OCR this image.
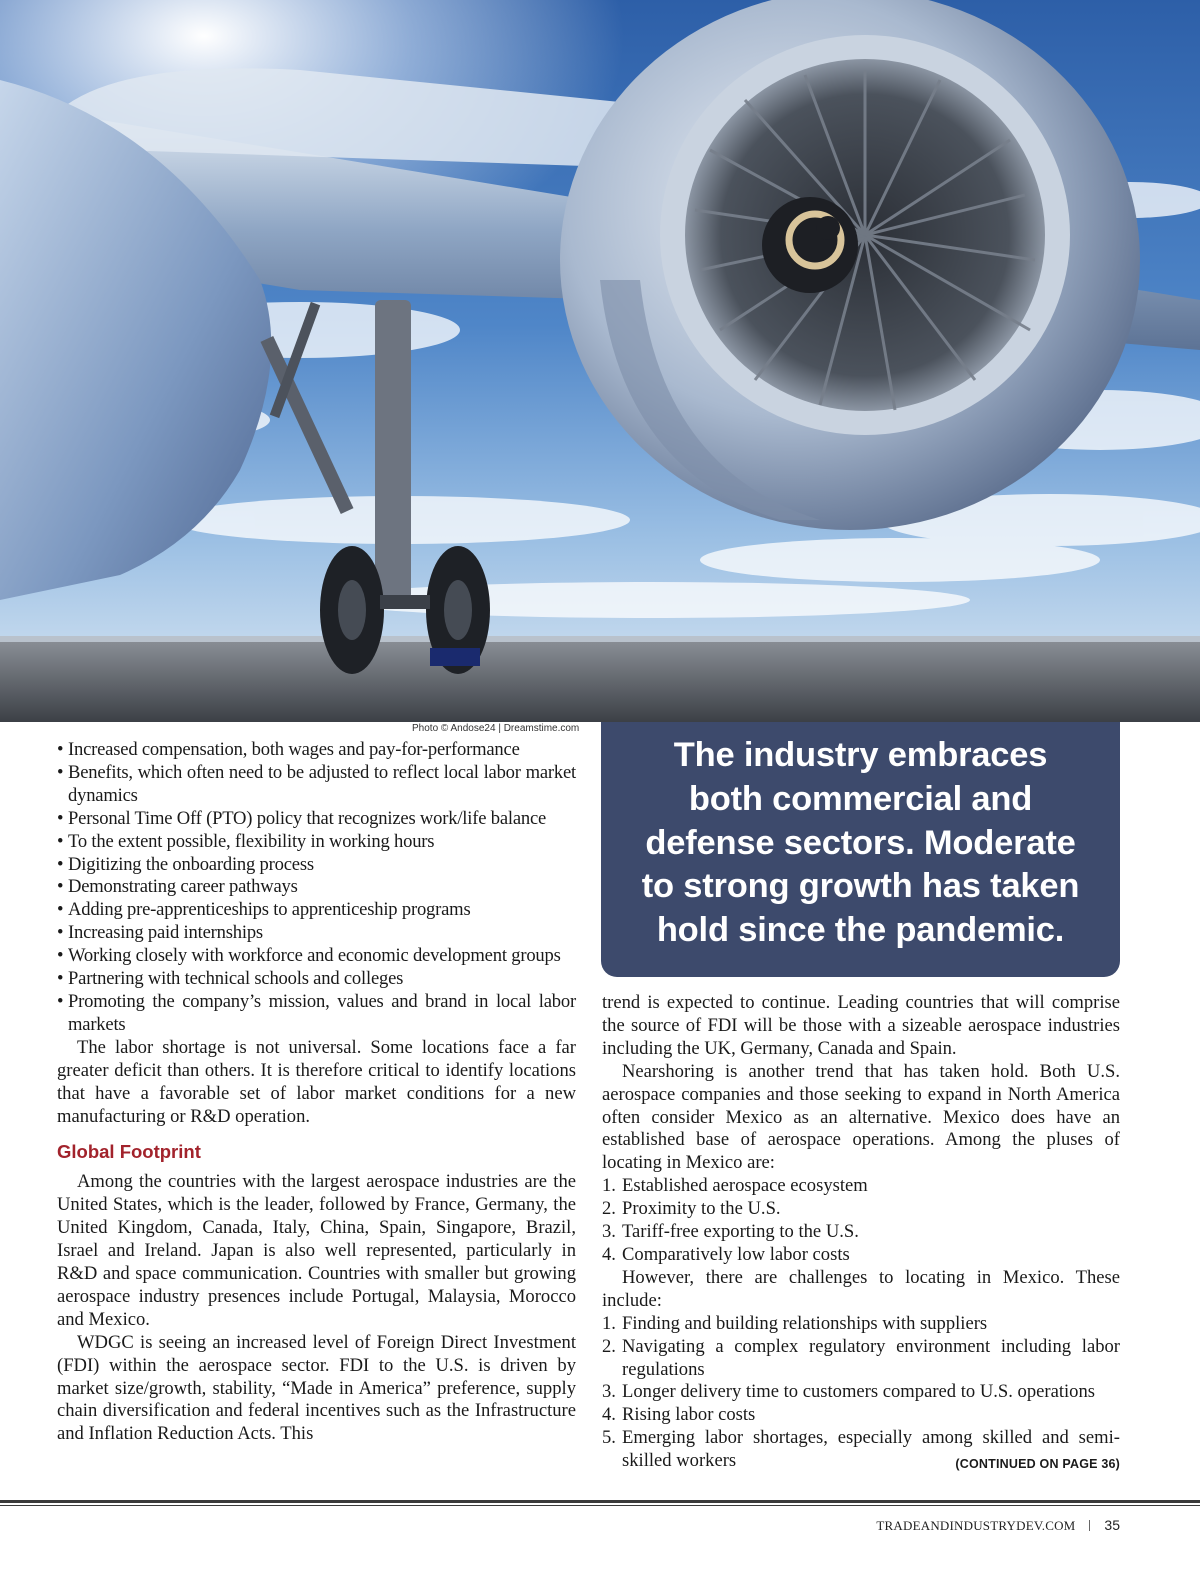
Photo © Andose24 | Dreamstime.com
• Increased compensation, both wages and pay-for-performance
• Benefits, which often need to be adjusted to reflect local labor market dynamics
• Personal Time Off (PTO) policy that recognizes work/life balance
• To the extent possible, flexibility in working hours
• Digitizing the onboarding process
• Demonstrating career pathways
• Adding pre-apprenticeships to apprenticeship programs
• Increasing paid internships
• Working closely with workforce and economic development groups
• Partnering with technical schools and colleges
• Promoting the company’s mission, values and brand in local labor markets

The labor shortage is not universal. Some locations face a far greater deficit than others. It is therefore critical to identify locations that have a favorable set of labor market conditions for a new manufacturing or R&D operation.

Global Footprint

Among the countries with the largest aerospace industries are the United States, which is the leader, followed by France, Germany, the United Kingdom, Canada, Italy, China, Spain, Singapore, Brazil, Israel and Ireland. Japan is also well represented, particularly in R&D and space communication. Countries with smaller but growing aerospace industry presences include Portugal, Malaysia, Morocco and Mexico.

WDGC is seeing an increased level of Foreign Direct Investment (FDI) within the aerospace sector. FDI to the U.S. is driven by market size/growth, stability, “Made in America” preference, supply chain diversification and federal incentives such as the Infrastructure and Inflation Reduction Acts. This

The industry embraces
both commercial and
defense sectors. Moderate
to strong growth has taken
hold since the pandemic.

trend is expected to continue. Leading countries that will comprise the source of FDI will be those with a sizeable aerospace industries including the UK, Germany, Canada and Spain.

Nearshoring is another trend that has taken hold. Both U.S. aerospace companies and those seeking to expand in North America often consider Mexico as an alternative. Mexico does have an established base of aerospace operations. Among the pluses of locating in Mexico are:

1. Established aerospace ecosystem
2. Proximity to the U.S.
3. Tariff-free exporting to the U.S.
4. Comparatively low labor costs

However, there are challenges to locating in Mexico. These include:

1. Finding and building relationships with suppliers
2. Navigating a complex regulatory environment including labor regulations
3. Longer delivery time to customers compared to U.S. operations
4. Rising labor costs
5. Emerging labor shortages, especially among skilled and semi-skilled workers	(CONTINUED ON PAGE 36)
TRADEANDINDUSTRYDEV.COM 35
